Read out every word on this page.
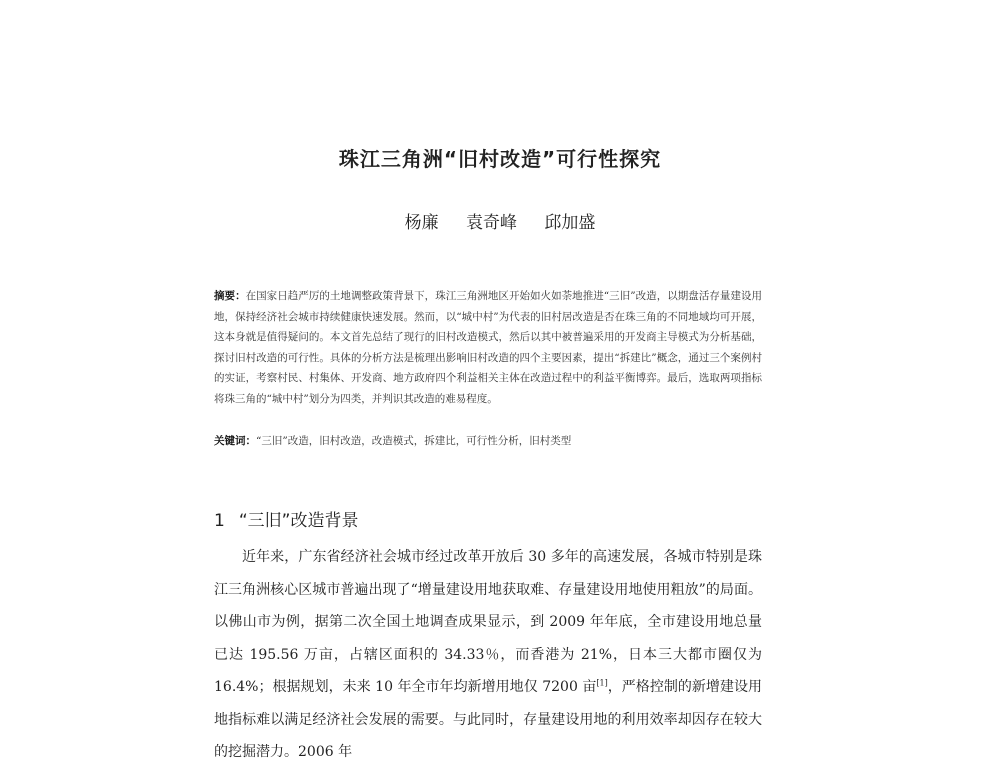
珠江三角洲“旧村改造”可行性探究
杨廉 袁奇峰 邱加盛
摘要：在国家日趋严厉的土地调整政策背景下，珠江三角洲地区开始如火如荼地推进“三旧”改造，以期盘活存量建设用地，保持经济社会城市持续健康快速发展。然而，以“城中村”为代表的旧村居改造是否在珠三角的不同地域均可开展，这本身就是值得疑问的。本文首先总结了现行的旧村改造模式，然后以其中被普遍采用的开发商主导模式为分析基础，探讨旧村改造的可行性。具体的分析方法是梳理出影响旧村改造的四个主要因素，提出“拆建比”概念，通过三个案例村的实证，考察村民、村集体、开发商、地方政府四个利益相关主体在改造过程中的利益平衡博弈。最后，选取两项指标将珠三角的“城中村”划分为四类，并判识其改造的难易程度。
关键词：“三旧”改造，旧村改造，改造模式，拆建比，可行性分析，旧村类型
1 “三旧”改造背景
近年来，广东省经济社会城市经过改革开放后 30 多年的高速发展，各城市特别是珠江三角洲核心区城市普遍出现了“增量建设用地获取难、存量建设用地使用粗放”的局面。以佛山市为例，据第二次全国土地调查成果显示，到 2009 年年底，全市建设用地总量已达 195.56 万亩，占辖区面积的 34.33％，而香港为 21%，日本三大都市圈仅为 16.4%；根据规划，未来 10 年全市年均新增用地仅 7200 亩[1]，严格控制的新增建设用地指标难以满足经济社会发展的需要。与此同时，存量建设用地的利用效率却因存在较大的挖掘潜力。2006 年
